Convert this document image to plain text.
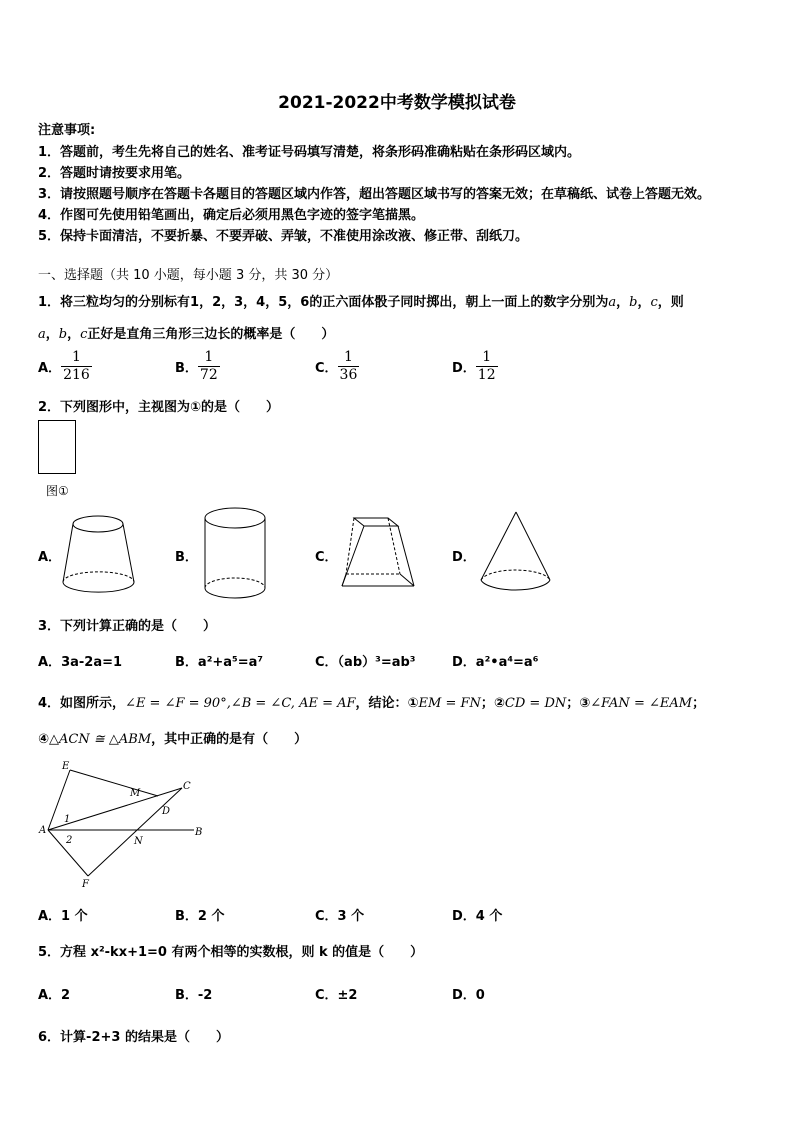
2021-2022中考数学模拟试卷
注意事项:
1．答题前，考生先将自己的姓名、准考证号码填写清楚，将条形码准确粘贴在条形码区域内。
2．答题时请按要求用笔。
3．请按照题号顺序在答题卡各题目的答题区域内作答，超出答题区域书写的答案无效；在草稿纸、试卷上答题无效。
4．作图可先使用铅笔画出，确定后必须用黑色字迹的签字笔描黑。
5．保持卡面清洁，不要折暴、不要弄破、弄皱，不准使用涂改液、修正带、刮纸刀。
一、选择题（共 10 小题，每小题 3 分，共 30 分）
1．将三粒均匀的分别标有1，2，3，4，5，6的正六面体骰子同时掷出，朝上一面上的数字分别为a，b，c，则
a，b，c正好是直角三角形三边长的概率是（　　）
A． $\frac{1}{216}$	B． $\frac{1}{72}$	C． $\frac{1}{36}$	D． $\frac{1}{12}$
2．下列图形中，主视图为①的是（　　）
图①
A．	B．	C．	D．
3．下列计算正确的是（　　）
A．3a-2a=1	B．a²+a⁵=a⁷	C．（ab）³=ab³	D．a²•a⁴=a⁶
4．如图所示，∠E = ∠F = 90°,∠B = ∠C, AE = AF，结论：①EM = FN；②CD = DN；③∠FAN = ∠EAM；
④△ACN ≅ △ABM，其中正确的是有（　　）
E
M
C
D
A
1
2	N
B
F
A．1 个	B．2 个	C．3 个	D．4 个
5．方程 x²-kx+1=0 有两个相等的实数根，则 k 的值是（　　）
A．2	B．-2	C．±2	D．0
6．计算-2+3 的结果是（　　）
